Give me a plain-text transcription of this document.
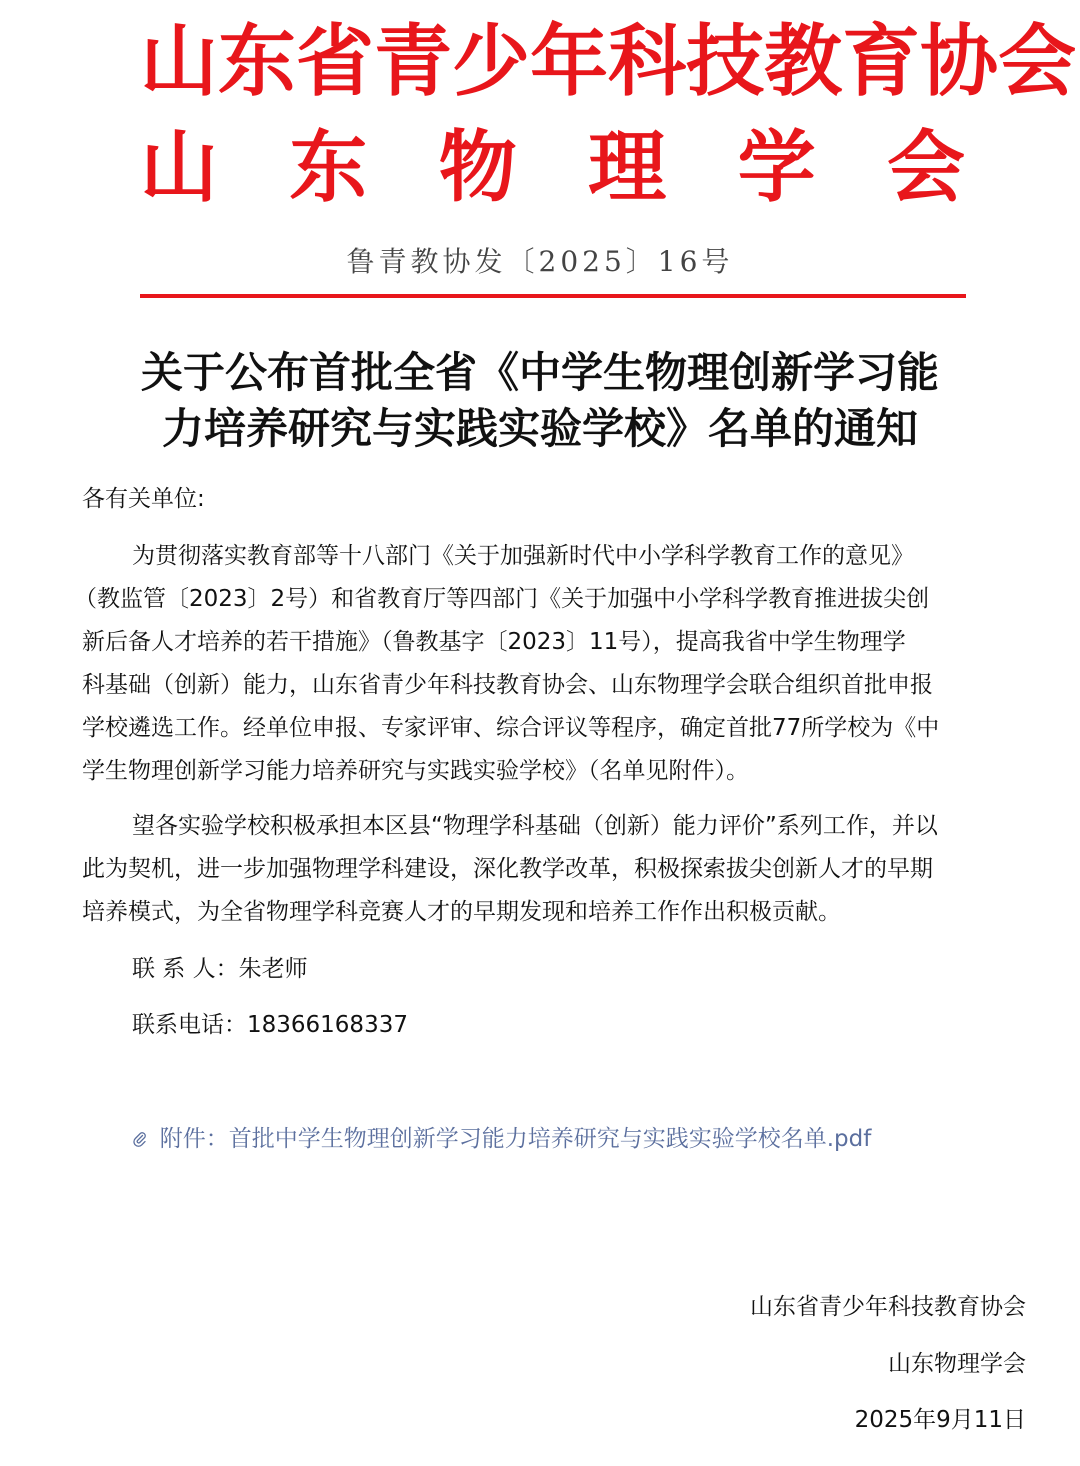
山 东 省 青 少 年 科 技 教 育 协 会
山 东 物 理 学 会
鲁青教协发〔2025〕16号
关于公布首批全省《中学生物理创新学习能
力培养研究与实践实验学校》名单的通知
各有关单位:
为贯彻落实教育部等十八部门《关于加强新时代中小学科学教育工作的意见》
（教监管〔2023〕2号）和省教育厅等四部门《关于加强中小学科学教育推进拔尖创
新后备人才培养的若干措施》（鲁教基字〔2023〕11号），提高我省中学生物理学
科基础（创新）能力，山东省青少年科技教育协会、山东物理学会联合组织首批申报
学校遴选工作。经单位申报、专家评审、综合评议等程序，确定首批77所学校为《中
学生物理创新学习能力培养研究与实践实验学校》（名单见附件）。
望各实验学校积极承担本区县“物理学科基础（创新）能力评价”系列工作，并以
此为契机，进一步加强物理学科建设，深化教学改革，积极探索拔尖创新人才的早期
培养模式，为全省物理学科竞赛人才的早期发现和培养工作作出积极贡献。
联 系 人：朱老师
联系电话：18366168337
附件：首批中学生物理创新学习能力培养研究与实践实验学校名单.pdf
山东省青少年科技教育协会
山东物理学会
2025年9月11日
